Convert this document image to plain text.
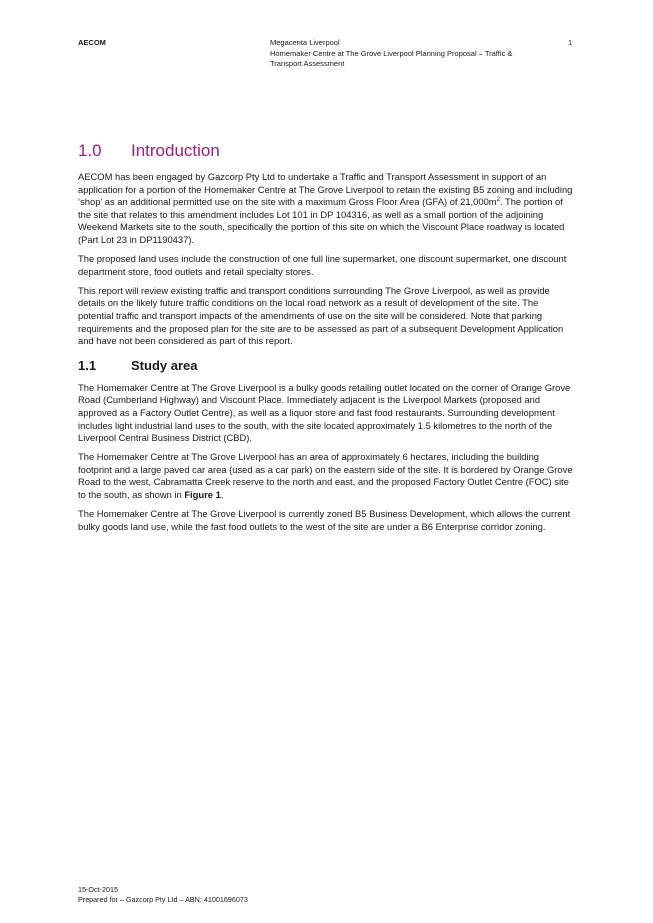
AECOM	Megacenta Liverpool
Homemaker Centre at The Grove Liverpool Planning Proposal – Traffic & Transport Assessment
1
1.0	Introduction

AECOM has been engaged by Gazcorp Pty Ltd to undertake a Traffic and Transport Assessment in support of an application for a portion of the Homemaker Centre at The Grove Liverpool to retain the existing B5 zoning and including ‘shop’ as an additional permitted use on the site with a maximum Gross Floor Area (GFA) of $21,000m^2$. The portion of the site that relates to this amendment includes Lot 101 in DP 104316, as well as a small portion of the adjoining Weekend Markets site to the south, specifically the portion of this site on which the Viscount Place roadway is located (Part Lot 23 in DP1190437).

The proposed land uses include the construction of one full line supermarket, one discount supermarket, one discount department store, food outlets and retail specialty stores.

This report will review existing traffic and transport conditions surrounding The Grove Liverpool, as well as provide details on the likely future traffic conditions on the local road network as a result of development of the site. The potential traffic and transport impacts of the amendments of use on the site will be considered. Note that parking requirements and the proposed plan for the site are to be assessed as part of a subsequent Development Application and have not been considered as part of this report.

1.1	Study area

The Homemaker Centre at The Grove Liverpool is a bulky goods retailing outlet located on the corner of Orange Grove Road (Cumberland Highway) and Viscount Place. Immediately adjacent is the Liverpool Markets (proposed and approved as a Factory Outlet Centre), as well as a liquor store and fast food restaurants. Surrounding development includes light industrial land uses to the south, with the site located approximately 1.5 kilometres to the north of the Liverpool Central Business District (CBD).

The Homemaker Centre at The Grove Liverpool has an area of approximately 6 hectares, including the building footprint and a large paved car area (used as a car park) on the eastern side of the site. It is bordered by Orange Grove Road to the west, Cabramatta Creek reserve to the north and east, and the proposed Factory Outlet Centre (FOC) site to the south, as shown in Figure 1.

The Homemaker Centre at The Grove Liverpool is currently zoned B5 Business Development, which allows the current bulky goods land use, while the fast food outlets to the west of the site are under a B6 Enterprise corridor zoning.

15-Oct-2015
Prepared for – Gazcorp Pty Ltd – ABN: 41001696073
